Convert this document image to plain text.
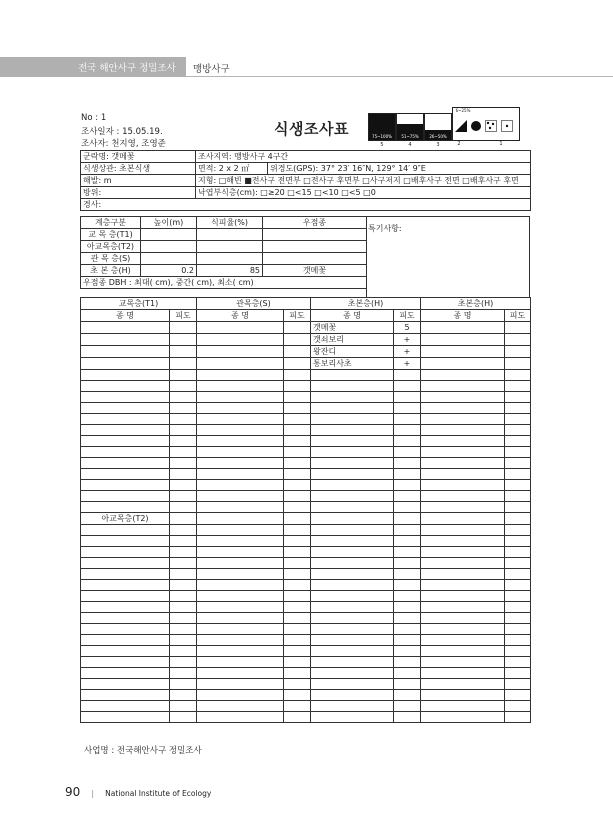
전국 해안사구 정밀조사 맹방사구
No : 1
조사일자 : 15.05.19.
조사자: 천지영, 조영준
식생조사표	75~100%
5
51~75%
4
26~50%
3
6~25%
2	1
군락명: 갯메꽃	조사지역: 맹방사구 4구간	
식생상관: 초본식생	면적: 2 x 2 ㎡	위경도(GPS): 37° 23′ 16″N, 129° 14′ 9″E
해발: m	지형: □해빈 ■전사구 전면부 □전사구 후면부 □사구저지 □배후사구 전면 □배후사구 후면	
방위:	낙엽부식층(cm): □≥20 □<15 □<10 □<5 □0	
경사:		
계층구분	높이(m)	식피율(%)	우점종
교 목 층(T1)			
아교목층(T2)			
관 목 층(S)			
초 본 층(H)	0.2	85	갯메꽃
우점종 DBH : 최대( cm), 중간( cm), 최소( cm)			
특기사항:
교목층(T1)		관목층(S)		초본층(H)		초본층(H)	
종 명	피도	종 명	피도	종 명	피도	종 명	피도
				갯메꽃	5		
				갯쇠보리	+		
				왕잔디	+		
				통보리사초	+		

아교목층(T2)							

사업명 : 전국해안사구 정밀조사
90 | National Institute of Ecology
